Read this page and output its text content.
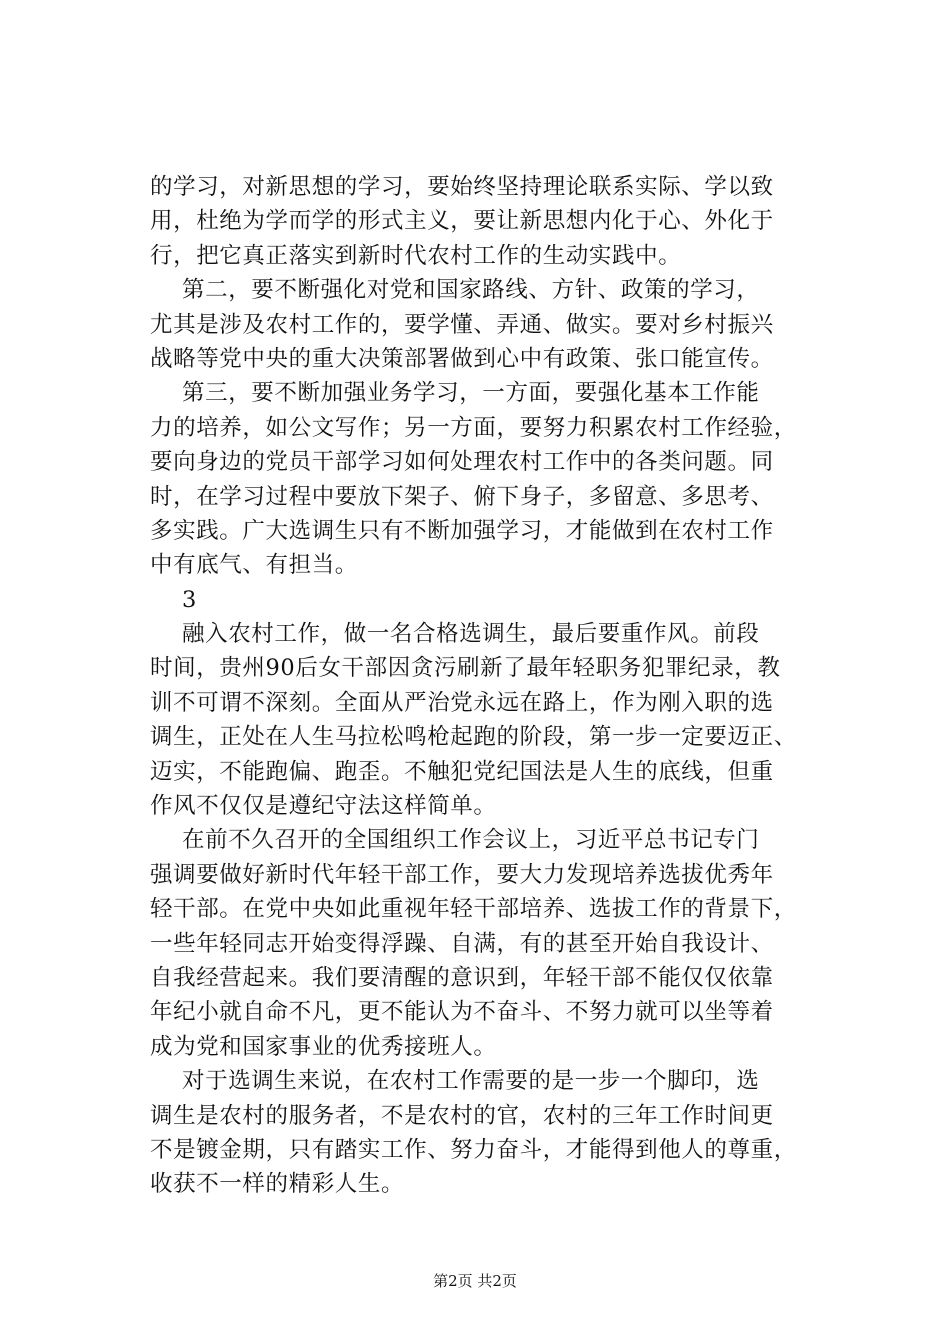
的学习，对新思想的学习，要始终坚持理论联系实际、学以致
用，杜绝为学而学的形式主义，要让新思想内化于心、外化于
行，把它真正落实到新时代农村工作的生动实践中。
第二，要不断强化对党和国家路线、方针、政策的学习，
尤其是涉及农村工作的，要学懂、弄通、做实。要对乡村振兴
战略等党中央的重大决策部署做到心中有政策、张口能宣传。
第三，要不断加强业务学习，一方面，要强化基本工作能
力的培养，如公文写作；另一方面，要努力积累农村工作经验，
要向身边的党员干部学习如何处理农村工作中的各类问题。同
时，在学习过程中要放下架子、俯下身子，多留意、多思考、
多实践。广大选调生只有不断加强学习，才能做到在农村工作
中有底气、有担当。
3
融入农村工作，做一名合格选调生，最后要重作风。前段
时间，贵州90后女干部因贪污刷新了最年轻职务犯罪纪录，教
训不可谓不深刻。全面从严治党永远在路上，作为刚入职的选
调生，正处在人生马拉松鸣枪起跑的阶段，第一步一定要迈正、
迈实，不能跑偏、跑歪。不触犯党纪国法是人生的底线，但重
作风不仅仅是遵纪守法这样简单。
在前不久召开的全国组织工作会议上，习近平总书记专门
强调要做好新时代年轻干部工作，要大力发现培养选拔优秀年
轻干部。在党中央如此重视年轻干部培养、选拔工作的背景下，
一些年轻同志开始变得浮躁、自满，有的甚至开始自我设计、
自我经营起来。我们要清醒的意识到，年轻干部不能仅仅依靠
年纪小就自命不凡，更不能认为不奋斗、不努力就可以坐等着
成为党和国家事业的优秀接班人。
对于选调生来说，在农村工作需要的是一步一个脚印，选
调生是农村的服务者，不是农村的官，农村的三年工作时间更
不是镀金期，只有踏实工作、努力奋斗，才能得到他人的尊重，
收获不一样的精彩人生。
第2页 共2页
